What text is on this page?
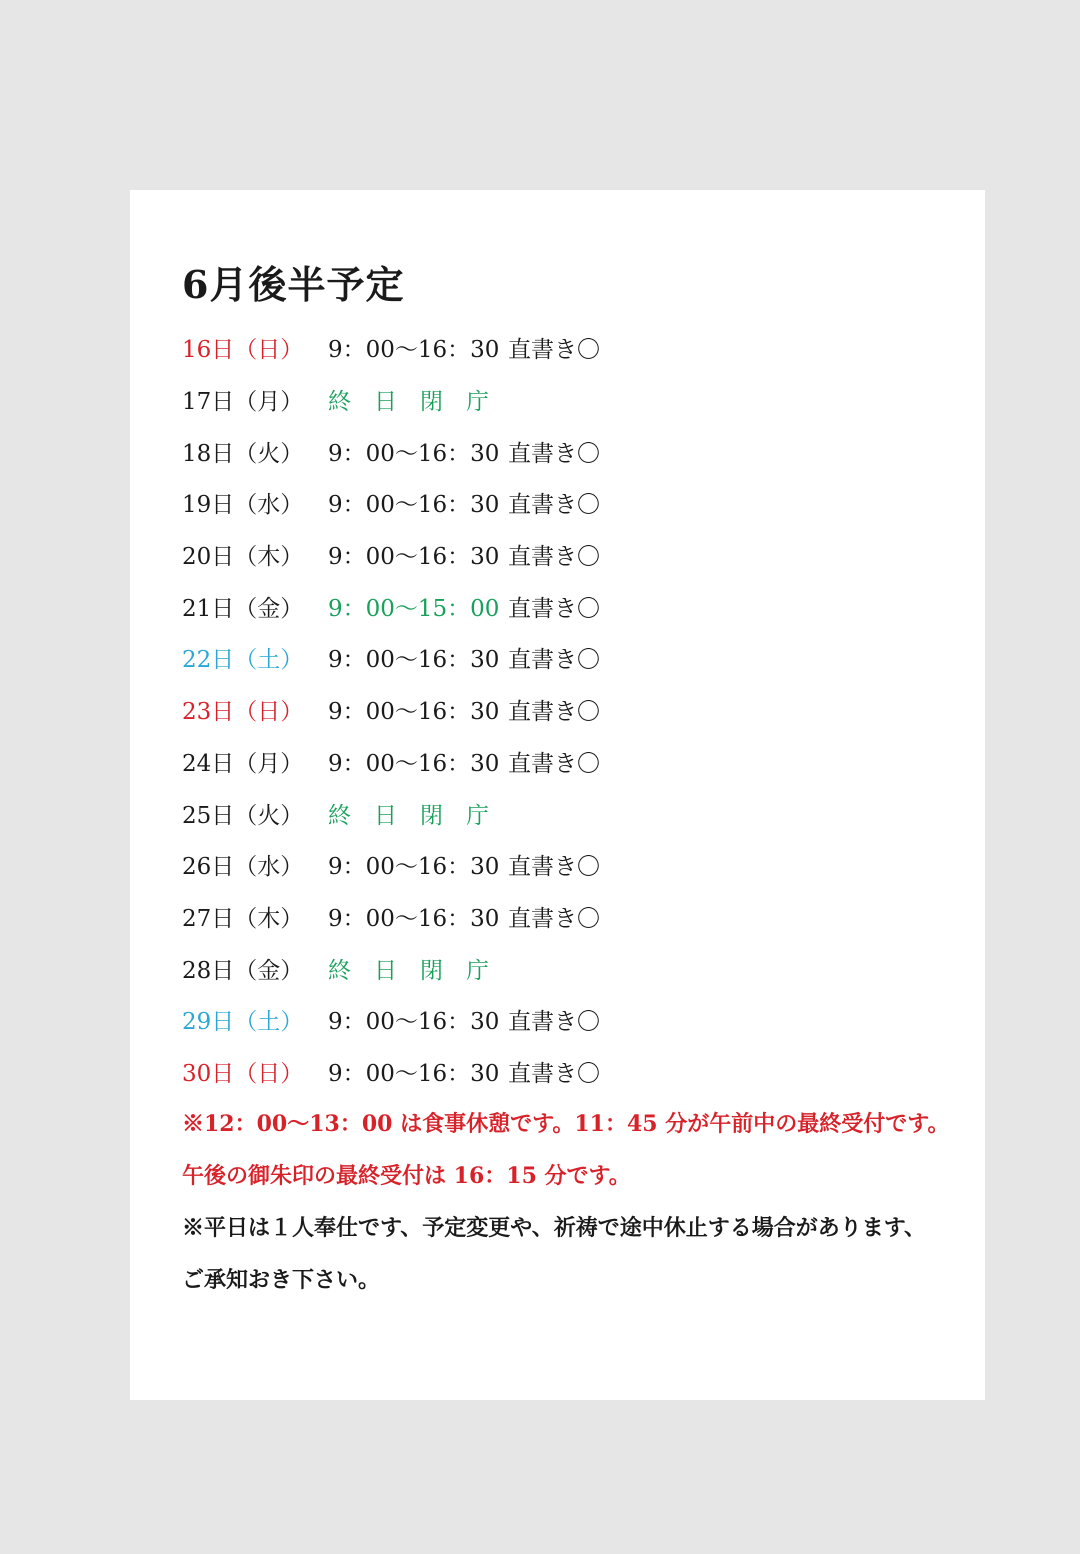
6月後半予定
16日（日）	9：00〜16：30 直書き〇
17日（月）	終日閉庁
18日（火）	9：00〜16：30 直書き〇
19日（水）	9：00〜16：30 直書き〇
20日（木）	9：00〜16：30 直書き〇
21日（金）	9：00〜15：00 直書き〇
22日（土）	9：00〜16：30 直書き〇
23日（日）	9：00〜16：30 直書き〇
24日（月）	9：00〜16：30 直書き〇
25日（火）	終日閉庁
26日（水）	9：00〜16：30 直書き〇
27日（木）	9：00〜16：30 直書き〇
28日（金）	終日閉庁
29日（土）	9：00〜16：30 直書き〇
30日（日）	9：00〜16：30 直書き〇
※12：00〜13：00 は食事休憩です。11：45 分が午前中の最終受付です。
午後の御朱印の最終受付は 16：15 分です。
※平日は１人奉仕です、予定変更や、祈祷で途中休止する場合があります、
ご承知おき下さい。
